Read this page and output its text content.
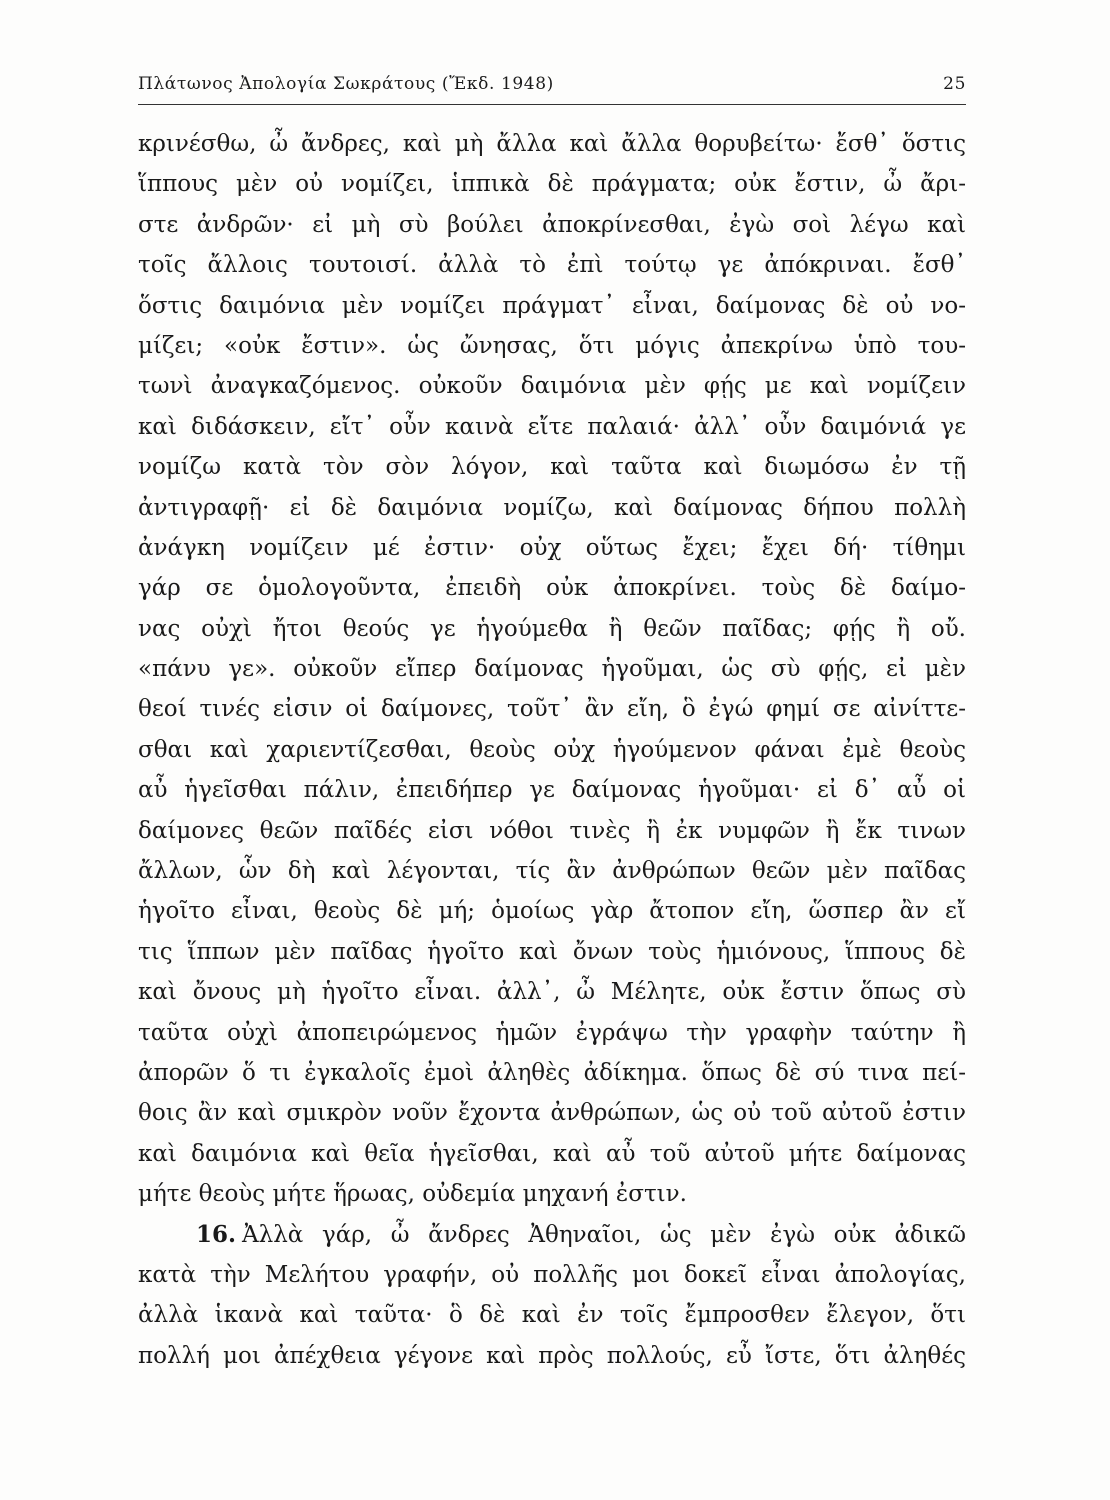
Πλάτωνος Ἀπολογία Σωκράτους (Ἔκδ. 1948)	25
κρινέσθω, ὦ ἄνδρες, καὶ μὴ ἄλλα καὶ ἄλλα θορυβείτω· ἔσθ᾽ ὅστις
ἵππους μὲν οὐ νομίζει, ἱππικὰ δὲ πράγματα; οὐκ ἔστιν, ὦ ἄρι-
στε ἀνδρῶν· εἰ μὴ σὺ βούλει ἀποκρίνεσθαι, ἐγὼ σοὶ λέγω καὶ
τοῖς ἄλλοις τουτοισί. ἀλλὰ τὸ ἐπὶ τούτῳ γε ἀπόκριναι. ἔσθ᾽
ὅστις δαιμόνια μὲν νομίζει πράγματ᾽ εἶναι, δαίμονας δὲ οὐ νο-
μίζει; «οὐκ ἔστιν». ὡς ὤνησας, ὅτι μόγις ἀπεκρίνω ὑπὸ του-
τωνὶ ἀναγκαζόμενος. οὐκοῦν δαιμόνια μὲν φῄς με καὶ νομίζειν
καὶ διδάσκειν, εἴτ᾽ οὖν καινὰ εἴτε παλαιά· ἀλλ᾽ οὖν δαιμόνιά γε
νομίζω κατὰ τὸν σὸν λόγον, καὶ ταῦτα καὶ διωμόσω ἐν τῇ
ἀντιγραφῇ· εἰ δὲ δαιμόνια νομίζω, καὶ δαίμονας δήπου πολλὴ
ἀνάγκη νομίζειν μέ ἐστιν· οὐχ οὕτως ἔχει; ἔχει δή· τίθημι
γάρ σε ὁμολογοῦντα, ἐπειδὴ οὐκ ἀποκρίνει. τοὺς δὲ δαίμο-
νας οὐχὶ ἤτοι θεούς γε ἡγούμεθα ἢ θεῶν παῖδας; φῄς ἢ οὔ.
«πάνυ γε». οὐκοῦν εἴπερ δαίμονας ἡγοῦμαι, ὡς σὺ φῄς, εἰ μὲν
θεοί τινές εἰσιν οἱ δαίμονες, τοῦτ᾽ ἂν εἴη, ὃ ἐγώ φημί σε αἰνίττε-
σθαι καὶ χαριεντίζεσθαι, θεοὺς οὐχ ἡγούμενον φάναι ἐμὲ θεοὺς
αὖ ἡγεῖσθαι πάλιν, ἐπειδήπερ γε δαίμονας ἡγοῦμαι· εἰ δ᾽ αὖ οἱ
δαίμονες θεῶν παῖδές εἰσι νόθοι τινὲς ἢ ἐκ νυμφῶν ἢ ἔκ τινων
ἄλλων, ὧν δὴ καὶ λέγονται, τίς ἂν ἀνθρώπων θεῶν μὲν παῖδας
ἡγοῖτο εἶναι, θεοὺς δὲ μή; ὁμοίως γὰρ ἄτοπον εἴη, ὥσπερ ἂν εἴ
τις ἵππων μὲν παῖδας ἡγοῖτο καὶ ὄνων τοὺς ἡμιόνους, ἵππους δὲ
καὶ ὄνους μὴ ἡγοῖτο εἶναι. ἀλλ᾽, ὦ Μέλητε, οὐκ ἔστιν ὅπως σὺ
ταῦτα οὐχὶ ἀποπειρώμενος ἡμῶν ἐγράψω τὴν γραφὴν ταύτην ἢ
ἀπορῶν ὅ τι ἐγκαλοῖς ἐμοὶ ἀληθὲς ἀδίκημα. ὅπως δὲ σύ τινα πεί-
θοις ἂν καὶ σμικρὸν νοῦν ἔχοντα ἀνθρώπων, ὡς οὐ τοῦ αὐτοῦ ἐστιν
καὶ δαιμόνια καὶ θεῖα ἡγεῖσθαι, καὶ αὖ τοῦ αὐτοῦ μήτε δαίμονας
μήτε θεοὺς μήτε ἥρωας, οὐδεμία μηχανή ἐστιν.
16. Ἀλλὰ γάρ, ὦ ἄνδρες Ἀθηναῖοι, ὡς μὲν ἐγὼ οὐκ ἀδικῶ
κατὰ τὴν Μελήτου γραφήν, οὐ πολλῆς μοι δοκεῖ εἶναι ἀπολογίας,
ἀλλὰ ἱκανὰ καὶ ταῦτα· ὃ δὲ καὶ ἐν τοῖς ἔμπροσθεν ἔλεγον, ὅτι
πολλή μοι ἀπέχθεια γέγονε καὶ πρὸς πολλούς, εὖ ἴστε, ὅτι ἀληθές
